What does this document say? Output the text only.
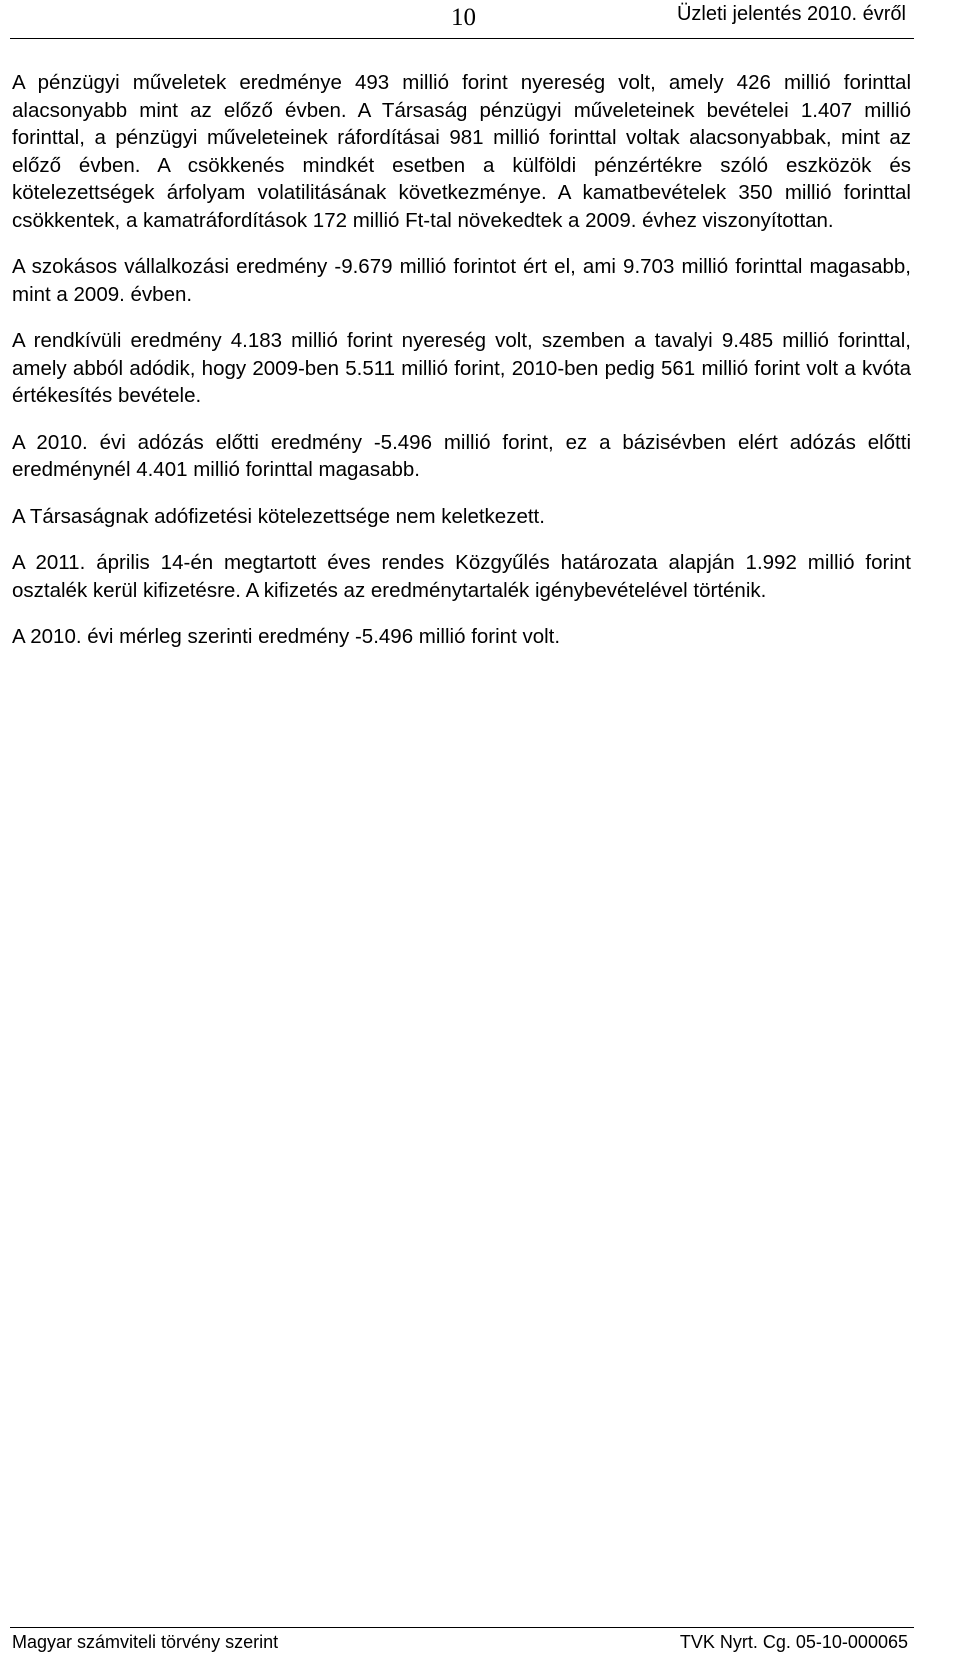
10	Üzleti jelentés 2010. évről

A pénzügyi műveletek eredménye 493 millió forint nyereség volt, amely 426 millió forinttal alacsonyabb mint az előző évben. A Társaság pénzügyi műveleteinek bevételei 1.407 millió forinttal, a pénzügyi műveleteinek ráfordításai 981 millió forinttal voltak alacsonyabbak, mint az előző évben. A csökkenés mindkét esetben a külföldi pénzértékre szóló eszközök és kötelezettségek árfolyam volatilitásának következménye. A kamatbevételek 350 millió forinttal csökkentek, a kamatráfordítások 172 millió Ft-tal növekedtek a 2009. évhez viszonyítottan.

A szokásos vállalkozási eredmény -9.679 millió forintot ért el, ami 9.703 millió forinttal magasabb, mint a 2009. évben.

A rendkívüli eredmény 4.183 millió forint nyereség volt, szemben a tavalyi 9.485 millió forinttal, amely abból adódik, hogy 2009-ben 5.511 millió forint, 2010-ben pedig 561 millió forint volt a kvóta értékesítés bevétele.

A 2010. évi adózás előtti eredmény -5.496 millió forint, ez a bázisévben elért adózás előtti eredménynél 4.401 millió forinttal magasabb.

A Társaságnak adófizetési kötelezettsége nem keletkezett.

A 2011. április 14-én megtartott éves rendes Közgyűlés határozata alapján 1.992 millió forint osztalék kerül kifizetésre. A kifizetés az eredménytartalék igénybevételével történik.

A 2010. évi mérleg szerinti eredmény -5.496 millió forint volt.

Magyar számviteli törvény szerint	TVK Nyrt. Cg. 05-10-000065
